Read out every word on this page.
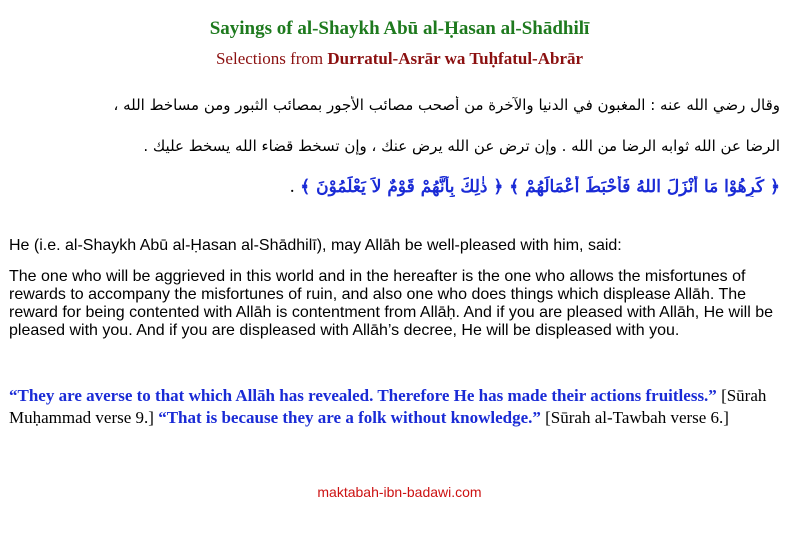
Sayings of al-Shaykh Abū al-Ḥasan al-Shādhilī

Selections from Durratul-Asrār wa Tuḥfatul-Abrār

وقال رضي الله عنه : المغبون في الدنيا والآخرة من أصحب مصائب الأجور بمصائب الثبور ومن مساخط الله ،
الرضا عن الله ثوابه الرضا من الله . وإن ترض عن الله يرض عنك ، وإن تسخط قضاء الله يسخط عليك .
﴿ كَرِهُوْا مَا أَنْزَلَ اللهُ فَأَحْبَطَ أَعْمَالَهُمْ ﴾ ﴿ ذٰلِكَ بِأَنَّهُمْ قَوْمٌ لاَ يَعْلَمُوْنَ ﴾ .

He (i.e. al-Shaykh Abū al-Ḥasan al-Shādhilī), may Allāh be well-pleased with him, said:

The one who will be aggrieved in this world and in the hereafter is the one who allows the misfortunes of rewards to accompany the misfortunes of ruin, and also one who does things which displease Allāh. The reward for being contented with Allāh is contentment from Allāḥ. And if you are pleased with Allāh, He will be pleased with you. And if you are displeased with Allāh’s decree, He will be displeased with you.

“They are averse to that which Allāh has revealed. Therefore He has made their actions fruitless.” [Sūrah Muḥammad verse 9.] “That is because they are a folk without knowledge.” [Sūrah al-Tawbah verse 6.]

maktabah-ibn-badawi.com
